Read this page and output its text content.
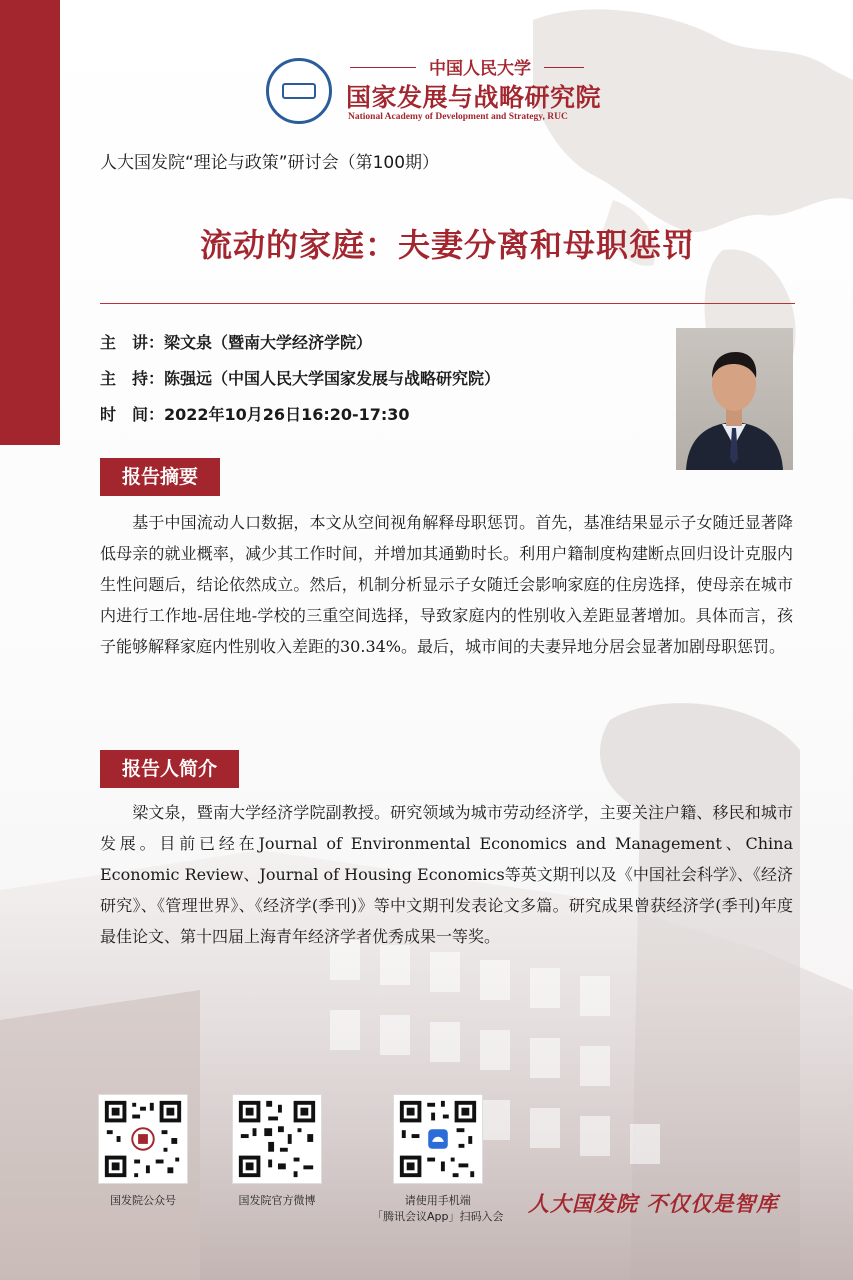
中国人民大学
国家发展与战略研究院
National Academy of Development and Strategy, RUC
人大国发院“理论与政策”研讨会（第100期）
流动的家庭：夫妻分离和母职惩罚
主　讲：梁文泉（暨南大学经济学院）
主　持：陈强远（中国人民大学国家发展与战略研究院）
时　间：2022年10月26日16:20-17:30
报告摘要

　　基于中国流动人口数据，本文从空间视角解释母职惩罚。首先，基准结果显示子女随迁显著降低母亲的就业概率，减少其工作时间，并增加其通勤时长。利用户籍制度构建断点回归设计克服内生性问题后，结论依然成立。然后，机制分析显示子女随迁会影响家庭的住房选择，使母亲在城市内进行工作地-居住地-学校的三重空间选择，导致家庭内的性别收入差距显著增加。具体而言，孩子能够解释家庭内性别收入差距的30.34%。最后，城市间的夫妻异地分居会显著加剧母职惩罚。

报告人简介

　　梁文泉，暨南大学经济学院副教授。研究领域为城市劳动经济学，主要关注户籍、移民和城市发展。目前已经在Journal of Environmental Economics and Management、China Economic Review、Journal of Housing Economics等英文期刊以及《中国社会科学》、《经济研究》、《管理世界》、《经济学(季刊)》等中文期刊发表论文多篇。研究成果曾获经济学(季刊)年度最佳论文、第十四届上海青年经济学者优秀成果一等奖。

国发院公众号	国发院官方微博	请使用手机端
「腾讯会议App」扫码入会
人大国发院 不仅仅是智库
